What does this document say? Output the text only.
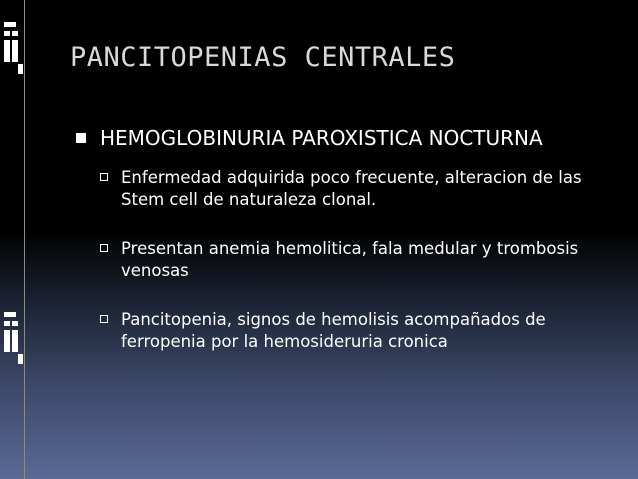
PANCITOPENIAS CENTRALES
HEMOGLOBINURIA PAROXISTICA NOCTURNA
Enfermedad adquirida poco frecuente, alteracion de las Stem cell de naturaleza clonal.
Presentan anemia hemolitica, fala medular y trombosis venosas
Pancitopenia, signos de hemolisis acompañados de ferropenia por la hemosideruria cronica
